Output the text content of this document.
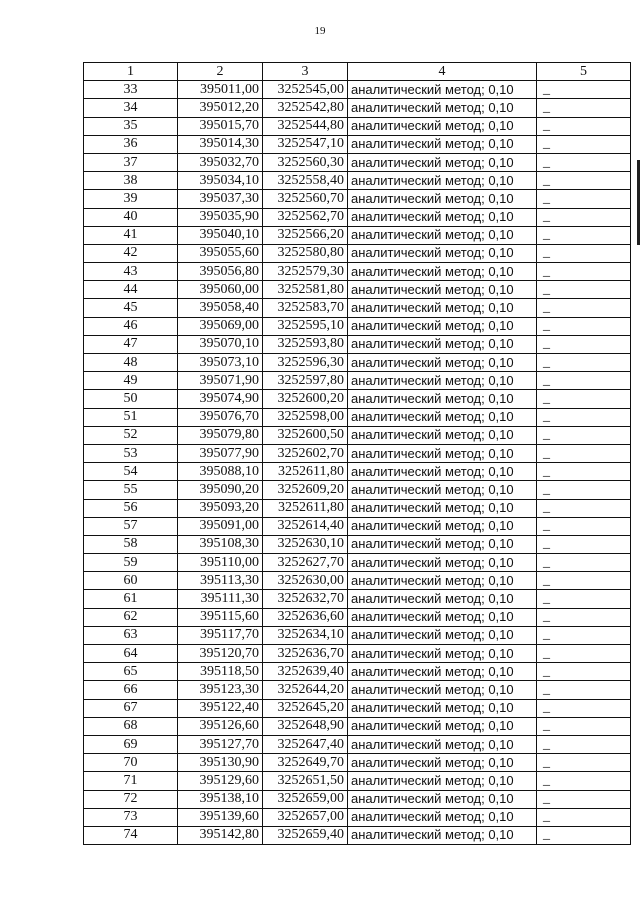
19
1	2	3	4	5
33	395011,00	3252545,00	аналитический метод; 0,10	_
34	395012,20	3252542,80	аналитический метод; 0,10	_
35	395015,70	3252544,80	аналитический метод; 0,10	_
36	395014,30	3252547,10	аналитический метод; 0,10	_
37	395032,70	3252560,30	аналитический метод; 0,10	_
38	395034,10	3252558,40	аналитический метод; 0,10	_
39	395037,30	3252560,70	аналитический метод; 0,10	_
40	395035,90	3252562,70	аналитический метод; 0,10	_
41	395040,10	3252566,20	аналитический метод; 0,10	_
42	395055,60	3252580,80	аналитический метод; 0,10	_
43	395056,80	3252579,30	аналитический метод; 0,10	_
44	395060,00	3252581,80	аналитический метод; 0,10	_
45	395058,40	3252583,70	аналитический метод; 0,10	_
46	395069,00	3252595,10	аналитический метод; 0,10	_
47	395070,10	3252593,80	аналитический метод; 0,10	_
48	395073,10	3252596,30	аналитический метод; 0,10	_
49	395071,90	3252597,80	аналитический метод; 0,10	_
50	395074,90	3252600,20	аналитический метод; 0,10	_
51	395076,70	3252598,00	аналитический метод; 0,10	_
52	395079,80	3252600,50	аналитический метод; 0,10	_
53	395077,90	3252602,70	аналитический метод; 0,10	_
54	395088,10	3252611,80	аналитический метод; 0,10	_
55	395090,20	3252609,20	аналитический метод; 0,10	_
56	395093,20	3252611,80	аналитический метод; 0,10	_
57	395091,00	3252614,40	аналитический метод; 0,10	_
58	395108,30	3252630,10	аналитический метод; 0,10	_
59	395110,00	3252627,70	аналитический метод; 0,10	_
60	395113,30	3252630,00	аналитический метод; 0,10	_
61	395111,30	3252632,70	аналитический метод; 0,10	_
62	395115,60	3252636,60	аналитический метод; 0,10	_
63	395117,70	3252634,10	аналитический метод; 0,10	_
64	395120,70	3252636,70	аналитический метод; 0,10	_
65	395118,50	3252639,40	аналитический метод; 0,10	_
66	395123,30	3252644,20	аналитический метод; 0,10	_
67	395122,40	3252645,20	аналитический метод; 0,10	_
68	395126,60	3252648,90	аналитический метод; 0,10	_
69	395127,70	3252647,40	аналитический метод; 0,10	_
70	395130,90	3252649,70	аналитический метод; 0,10	_
71	395129,60	3252651,50	аналитический метод; 0,10	_
72	395138,10	3252659,00	аналитический метод; 0,10	_
73	395139,60	3252657,00	аналитический метод; 0,10	_
74	395142,80	3252659,40	аналитический метод; 0,10	_
